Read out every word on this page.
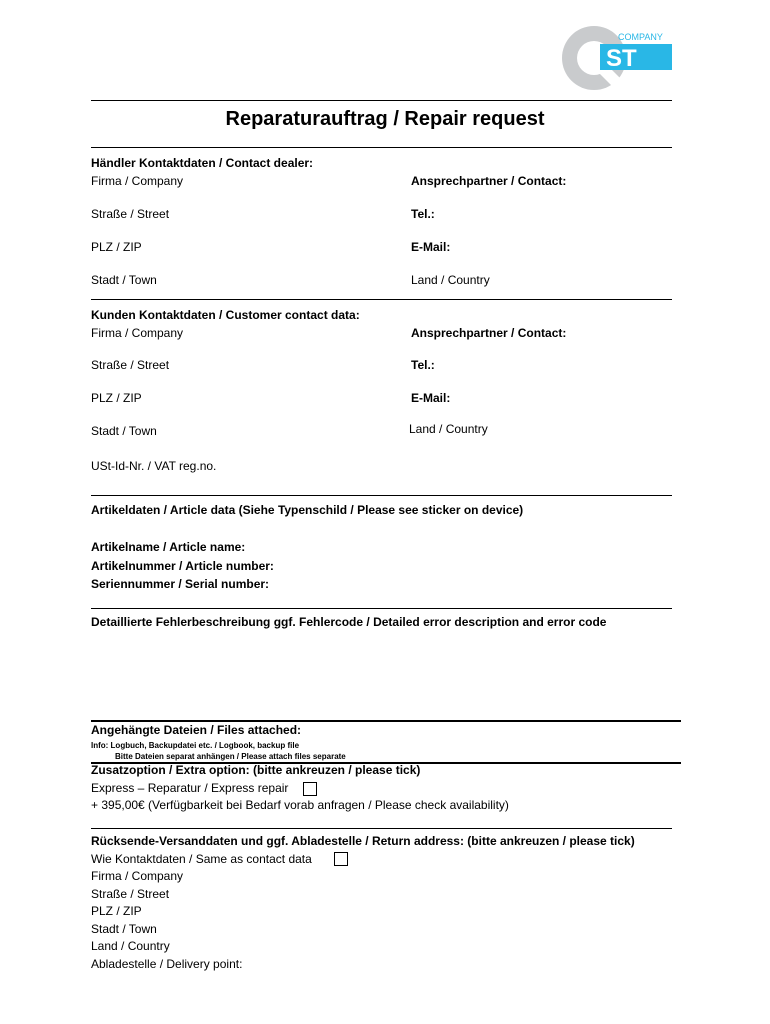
ST
COMPANY
Reparaturauftrag / Repair request
Händler Kontaktdaten / Contact dealer:
Firma / Company	Ansprechpartner / Contact:
Straße / Street	Tel.:
PLZ / ZIP	E-Mail:
Stadt / Town	Land / Country
Kunden Kontaktdaten / Customer contact data:
Firma / Company	Ansprechpartner / Contact:
Straße / Street	Tel.:
PLZ / ZIP	E-Mail:
Stadt / Town	Land / Country
USt-Id-Nr. / VAT reg.no.
Artikeldaten / Article data (Siehe Typenschild / Please see sticker on device)
Artikelname / Article name:
Artikelnummer / Article number:
Seriennummer / Serial number:
Detaillierte Fehlerbeschreibung ggf. Fehlercode / Detailed error description and error code
Angehängte Dateien / Files attached:
Info: Logbuch, Backupdatei etc. / Logbook, backup file
Bitte Dateien separat anhängen / Please attach files separate
Zusatzoption / Extra option: (bitte ankreuzen / please tick)
Express – Reparatur / Express repair
+ 395,00€ (Verfügbarkeit bei Bedarf vorab anfragen / Please check availability)
Rücksende-Versanddaten und ggf. Abladestelle / Return address: (bitte ankreuzen / please tick)
Wie Kontaktdaten / Same as contact data
Firma / Company
Straße / Street
PLZ / ZIP
Stadt / Town
Land / Country
Abladestelle / Delivery point:
